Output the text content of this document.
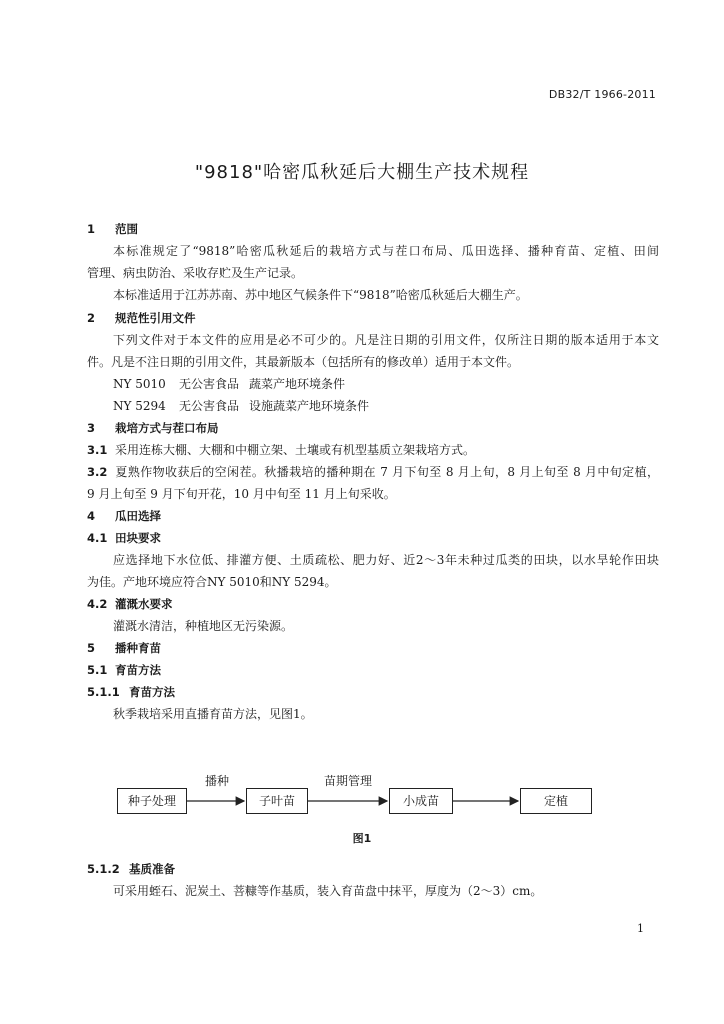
DB32/T 1966-2011
"9818"哈密瓜秋延后大棚生产技术规程
1 范围
本标准规定了“9818”哈密瓜秋延后的栽培方式与茬口布局、瓜田选择、播种育苗、定植、田间
管理、病虫防治、采收存贮及生产记录。
本标准适用于江苏苏南、苏中地区气候条件下“9818”哈密瓜秋延后大棚生产。
2 规范性引用文件
下列文件对于本文件的应用是必不可少的。凡是注日期的引用文件，仅所注日期的版本适用于本文
件。凡是不注日期的引用文件，其最新版本（包括所有的修改单）适用于本文件。
NY 5010 无公害食品 蔬菜产地环境条件
NY 5294 无公害食品 设施蔬菜产地环境条件
3 栽培方式与茬口布局
3.1 采用连栋大棚、大棚和中棚立架、土壤或有机型基质立架栽培方式。
3.2 夏熟作物收获后的空闲茬。秋播栽培的播种期在 7 月下旬至 8 月上旬，8 月上旬至 8 月中旬定植，
9 月上旬至 9 月下旬开花，10 月中旬至 11 月上旬采收。
4 瓜田选择
4.1 田块要求
应选择地下水位低、排灌方便、土质疏松、肥力好、近2～3年未种过瓜类的田块，以水旱轮作田块
为佳。产地环境应符合NY 5010和NY 5294。
4.2 灌溉水要求
灌溉水清洁，种植地区无污染源。
5 播种育苗
5.1 育苗方法
5.1.1 育苗方法
秋季栽培采用直播育苗方法，见图1。
种子处理	子叶苗	小成苗	定植
播种	苗期管理
图1
5.1.2 基质准备
可采用蛭石、泥炭土、菩糠等作基质，装入育苗盘中抹平，厚度为（2～3）cm。
1
